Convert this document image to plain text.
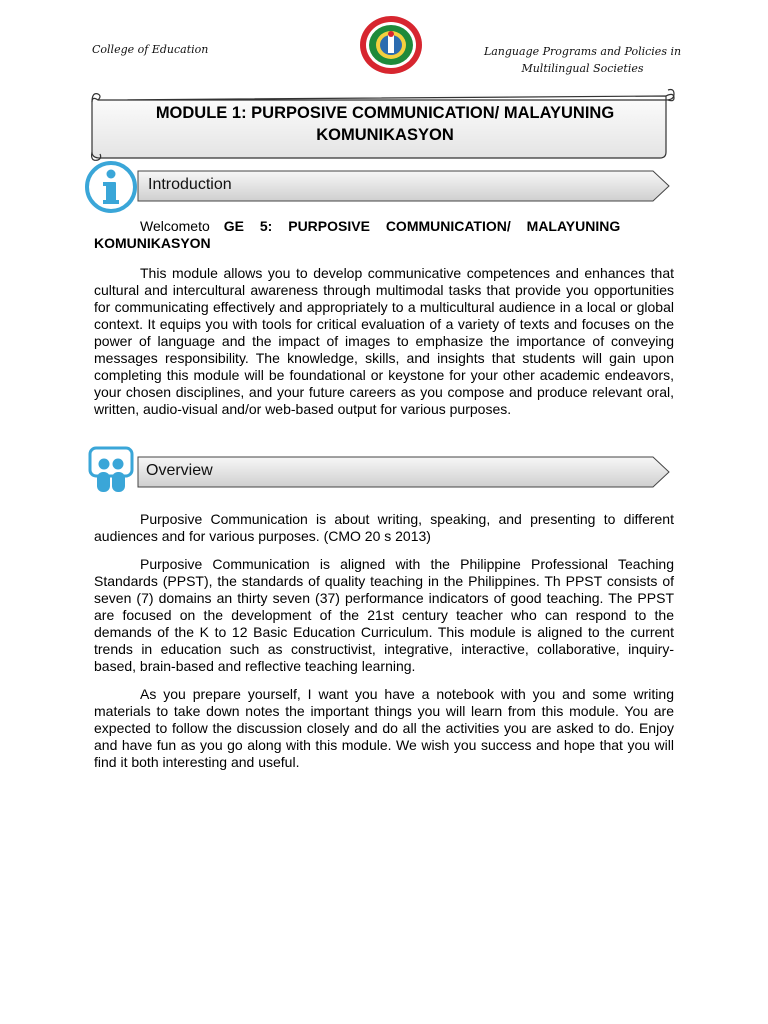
College of Education	Language Programs and Policies in
Multilingual Societies
MODULE 1: PURPOSIVE COMMUNICATION/ MALAYUNING
KOMUNIKASYON
Introduction
Welcome to GE 5: PURPOSIVE COMMUNICATION/ MALAYUNING
KOMUNIKASYON

This module allows you to develop communicative competences and enhances that cultural and intercultural awareness through multimodal tasks that provide you opportunities for communicating effectively and appropriately to a multicultural audience in a local or global context. It equips you with tools for critical evaluation of a variety of texts and focuses on the power of language and the impact of images to emphasize the importance of conveying messages responsibility. The knowledge, skills, and insights that students will gain upon completing this module will be foundational or keystone for your other academic endeavors, your chosen disciplines, and your future careers as you compose and produce relevant oral, written, audio-visual and/or web-based output for various purposes.

Overview

Purposive Communication is about writing, speaking, and presenting to different audiences and for various purposes. (CMO 20 s 2013)

Purposive Communication is aligned with the Philippine Professional Teaching Standards (PPST), the standards of quality teaching in the Philippines. Th PPST consists of seven (7) domains an thirty seven (37) performance indicators of good teaching. The PPST are focused on the development of the 21st century teacher who can respond to the demands of the K to 12 Basic Education Curriculum. This module is aligned to the current trends in education such as constructivist, integrative, interactive, collaborative, inquiry-based, brain-based and reflective teaching learning.

As you prepare yourself, I want you have a notebook with you and some writing materials to take down notes the important things you will learn from this module. You are expected to follow the discussion closely and do all the activities you are asked to do. Enjoy and have fun as you go along with this module. We wish you success and hope that you will find it both interesting and useful.
